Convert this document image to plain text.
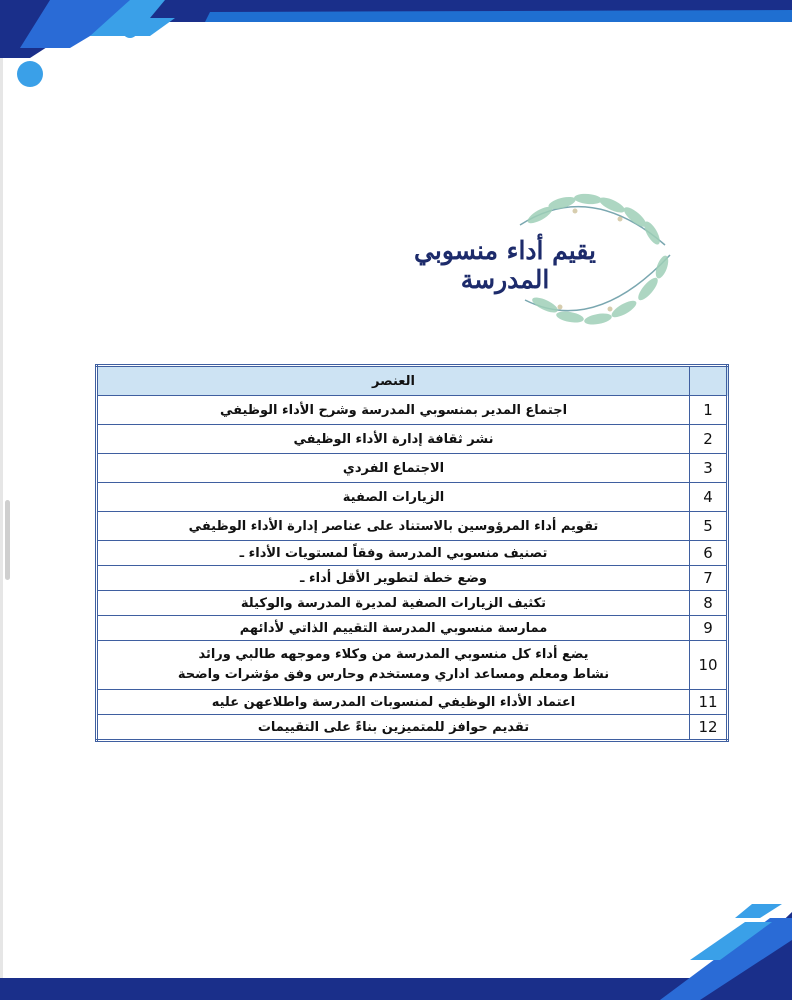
يقيم أداء منسوبي المدرسة
	العنصر
1	اجتماع المدير بمنسوبي المدرسة وشرح الأداء الوظيفي
2	نشر ثقافة إدارة الأداء الوظيفي
3	الاجتماع الفردي
4	الزيارات الصفية
5	تقويم أداء المرؤوسين بالاستناد على عناصر إدارة الأداء الوظيفي
6	تصنيف منسوبي المدرسة وفقاً لمستويات الأداء ـ
7	وضع خطة لتطوير الأقل أداء ـ
8	تكثيف الزيارات الصفية لمديرة المدرسة والوكيلة
9	ممارسة منسوبي المدرسة التقييم الذاتي لأدائهم
10	يضع أداء كل منسوبي المدرسة من وكلاء وموجهه طالبي ورائد
نشاط ومعلم ومساعد اداري ومستخدم وحارس وفق مؤشرات واضحة

11	اعتماد الأداء الوظيفي لمنسوبات المدرسة واطلاعهن عليه
12	تقديم حوافز للمتميزين بناءً على التقييمات
